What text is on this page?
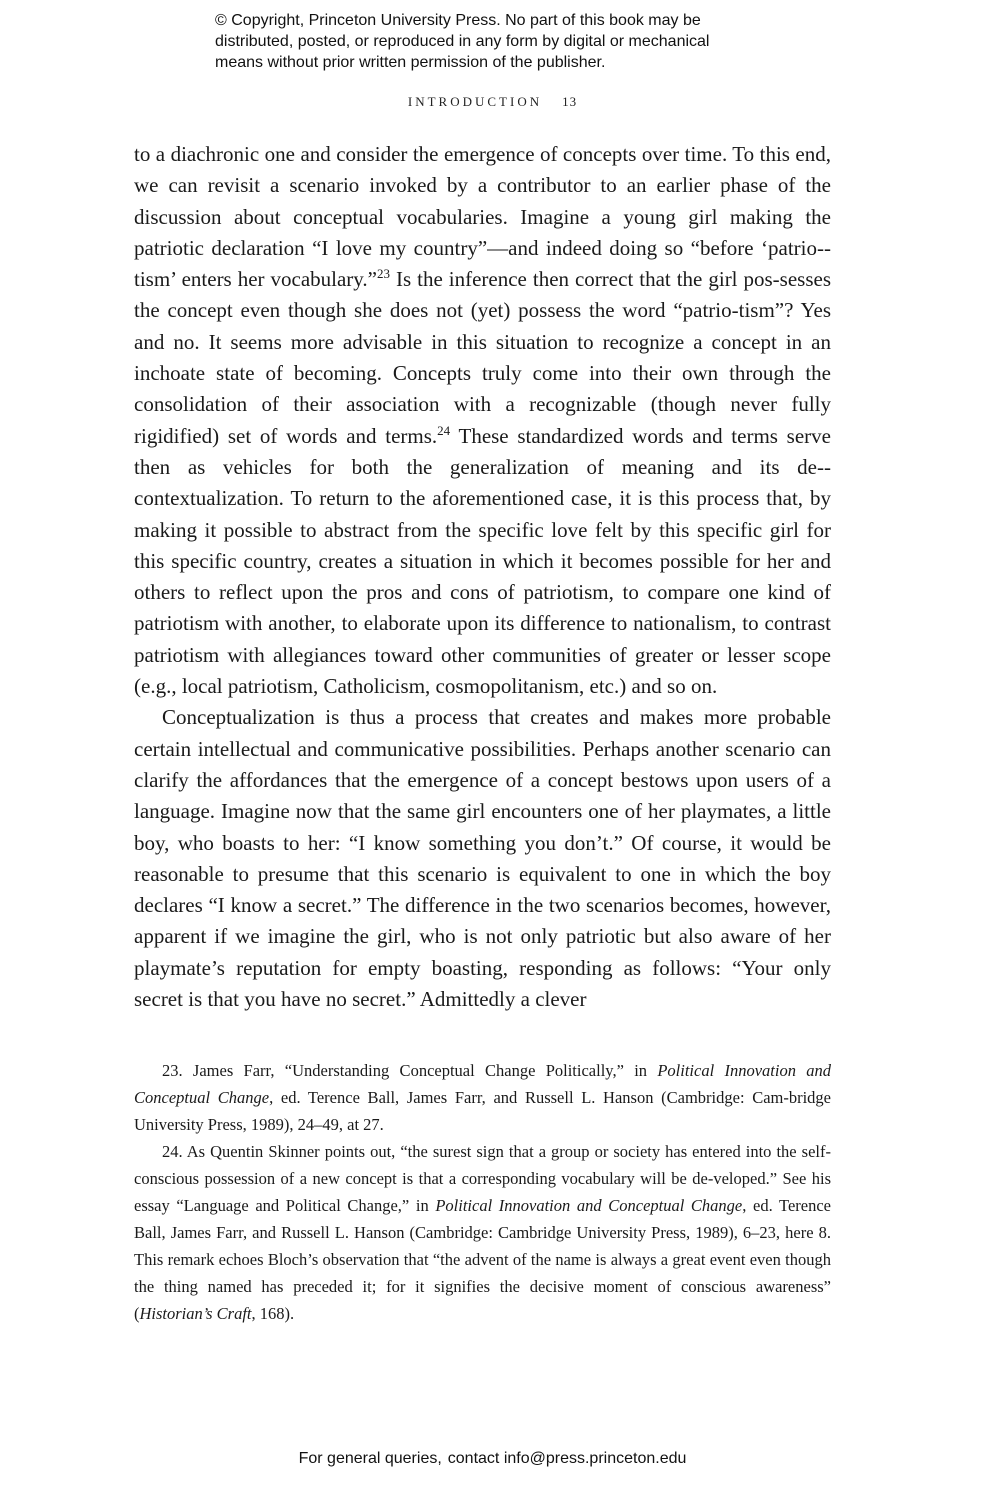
© Copyright, Princeton University Press. No part of this book may be
distributed, posted, or reproduced in any form by digital or mechanical
means without prior written permission of the publisher.
INTRODUCTION 13

to a diachronic one and consider the emergence of concepts over time. To this end, we can revisit a scenario invoked by a contributor to an earlier phase of the discussion about conceptual vocabularies. Imagine a young girl making the patriotic declaration “I love my country”—and indeed doing so “before ‘patrio-tism’ enters her vocabulary.”$^{23}$ Is the inference then correct that the girl pos-sesses the concept even though she does not (yet) possess the word “patrio-tism”? Yes and no. It seems more advisable in this situation to recognize a concept in an inchoate state of becoming. Concepts truly come into their own through the consolidation of their association with a recognizable (though never fully rigidified) set of words and terms.$^{24}$ These standardized words and terms serve then as vehicles for both the generalization of meaning and its de-contextualization. To return to the aforementioned case, it is this process that, by making it possible to abstract from the specific love felt by this specific girl for this specific country, creates a situation in which it becomes possible for her and others to reflect upon the pros and cons of patriotism, to compare one kind of patriotism with another, to elaborate upon its difference to nationalism, to contrast patriotism with allegiances toward other communities of greater or lesser scope (e.g., local patriotism, Catholicism, cosmopolitanism, etc.) and so on.

Conceptualization is thus a process that creates and makes more probable certain intellectual and communicative possibilities. Perhaps another scenario can clarify the affordances that the emergence of a concept bestows upon users of a language. Imagine now that the same girl encounters one of her playmates, a little boy, who boasts to her: “I know something you don’t.” Of course, it would be reasonable to presume that this scenario is equivalent to one in which the boy declares “I know a secret.” The difference in the two scenarios becomes, however, apparent if we imagine the girl, who is not only patriotic but also aware of her playmate’s reputation for empty boasting, responding as follows: “Your only secret is that you have no secret.” Admittedly a clever

23. James Farr, “Understanding Conceptual Change Politically,” in Political Innovation and Conceptual Change, ed. Terence Ball, James Farr, and Russell L. Hanson (Cambridge: Cam-bridge University Press, 1989), 24–49, at 27.

24. As Quentin Skinner points out, “the surest sign that a group or society has entered into the self-conscious possession of a new concept is that a corresponding vocabulary will be de-veloped.” See his essay “Language and Political Change,” in Political Innovation and Conceptual Change, ed. Terence Ball, James Farr, and Russell L. Hanson (Cambridge: Cambridge University Press, 1989), 6–23, here 8. This remark echoes Bloch’s observation that “the advent of the name is always a great event even though the thing named has preceded it; for it signifies the decisive moment of conscious awareness” (Historian’s Craft, 168).

For general queries, contact info@press.princeton.edu
